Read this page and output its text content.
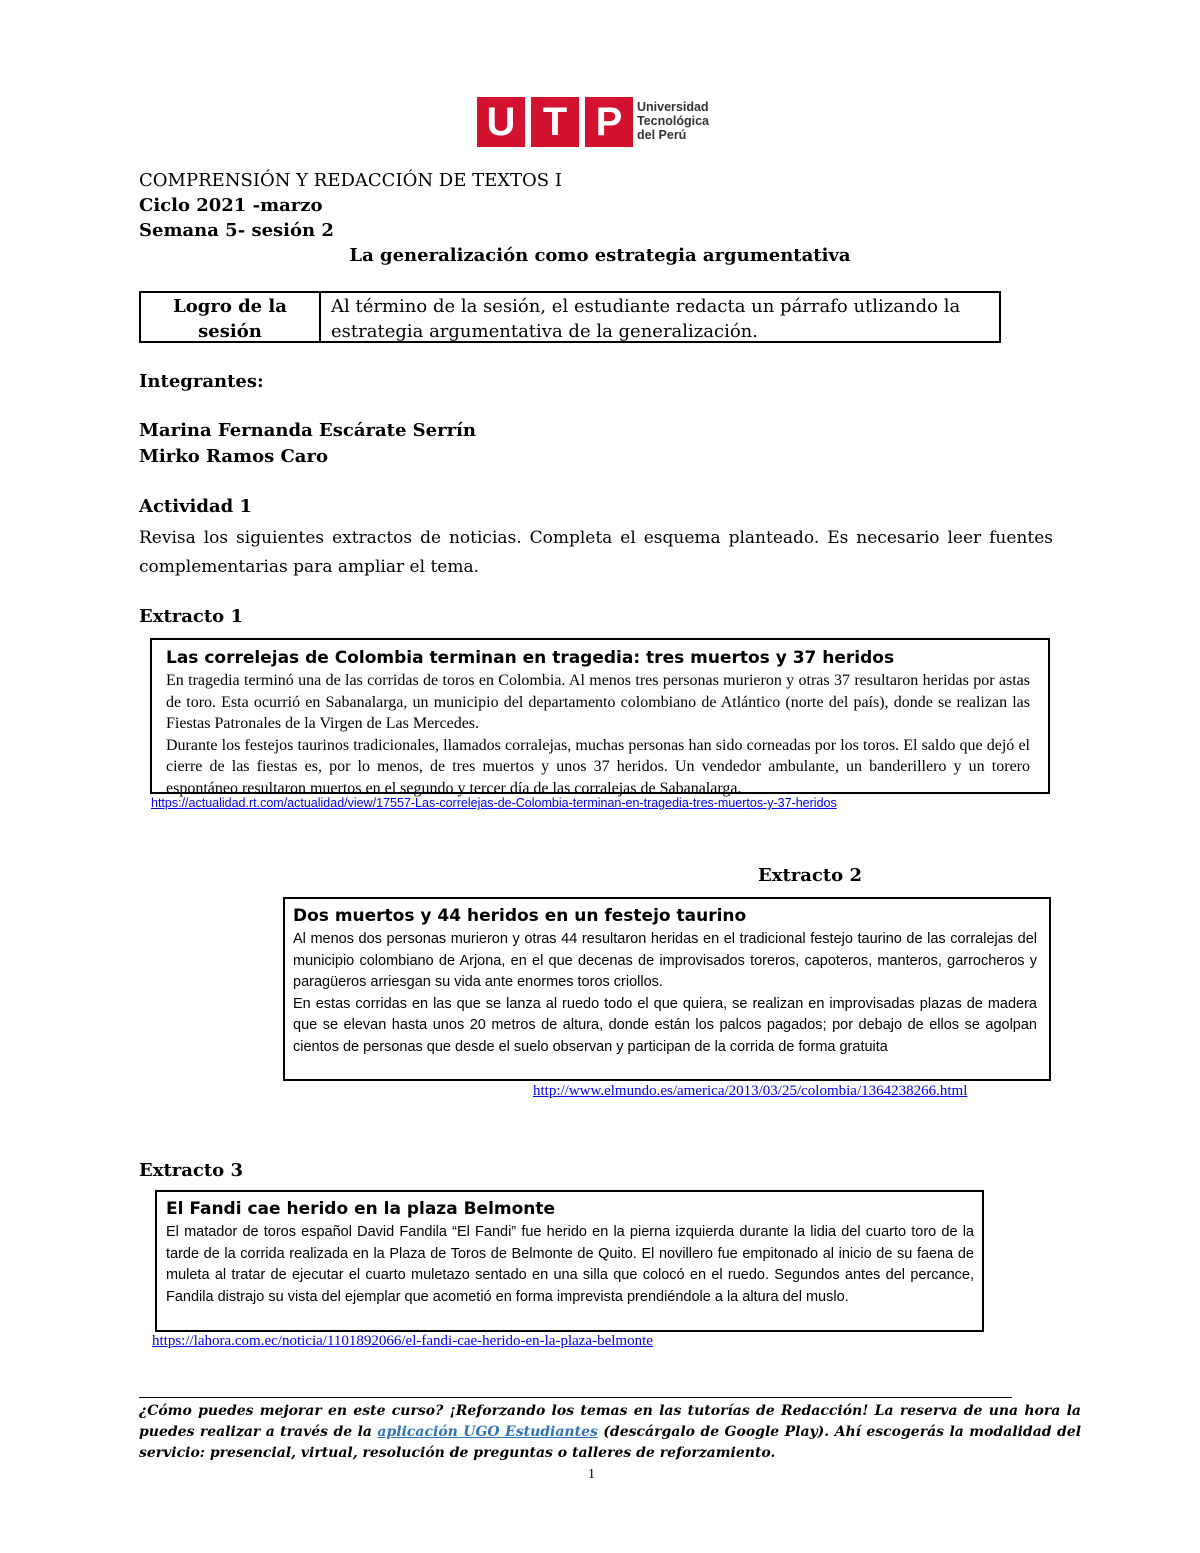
U T P	Universidad
Tecnológica
del Perú
COMPRENSIÓN Y REDACCIÓN DE TEXTOS I
Ciclo 2021 -marzo
Semana 5- sesión 2
La generalización como estrategia argumentativa
Logro de la sesión
Al término de la sesión, el estudiante redacta un párrafo utlizando la estrategia argumentativa de la generalización.
Integrantes:
Marina Fernanda Escárate Serrín
Mirko Ramos Caro
Actividad 1
Revisa los siguientes extractos de noticias. Completa el esquema planteado. Es necesario leer fuentes complementarias para ampliar el tema.
Extracto 1
Las correlejas de Colombia terminan en tragedia: tres muertos y 37 heridos
En tragedia terminó una de las corridas de toros en Colombia. Al menos tres personas murieron y otras 37 resultaron heridas por astas de toro. Esta ocurrió en Sabanalarga, un municipio del departamento colombiano de Atlántico (norte del país), donde se realizan las Fiestas Patronales de la Virgen de Las Mercedes.
Durante los festejos taurinos tradicionales, llamados corralejas, muchas personas han sido corneadas por los toros. El saldo que dejó el cierre de las fiestas es, por lo menos, de tres muertos y unos 37 heridos. Un vendedor ambulante, un banderillero y un torero espontáneo resultaron muertos en el segundo y tercer día de las corralejas de Sabanalarga.
https://actualidad.rt.com/actualidad/view/17557-Las-correlejas-de-Colombia-terminan-en-tragedia-tres-muertos-y-37-heridos
Extracto 2
Dos muertos y 44 heridos en un festejo taurino
Al menos dos personas murieron y otras 44 resultaron heridas en el tradicional festejo taurino de las corralejas del municipio colombiano de Arjona, en el que decenas de improvisados toreros, capoteros, manteros, garrocheros y paragüeros arriesgan su vida ante enormes toros criollos.
En estas corridas en las que se lanza al ruedo todo el que quiera, se realizan en improvisadas plazas de madera que se elevan hasta unos 20 metros de altura, donde están los palcos pagados; por debajo de ellos se agolpan cientos de personas que desde el suelo observan y participan de la corrida de forma gratuita
http://www.elmundo.es/america/2013/03/25/colombia/1364238266.html
Extracto 3
El Fandi cae herido en la plaza Belmonte
El matador de toros español David Fandila “El Fandi” fue herido en la pierna izquierda durante la lidia del cuarto toro de la tarde de la corrida realizada en la Plaza de Toros de Belmonte de Quito. El novillero fue empitonado al inicio de su faena de muleta al tratar de ejecutar el cuarto muletazo sentado en una silla que colocó en el ruedo. Segundos antes del percance, Fandila distrajo su vista del ejemplar que acometió en forma imprevista prendiéndole a la altura del muslo.
https://lahora.com.ec/noticia/1101892066/el-fandi-cae-herido-en-la-plaza-belmonte
¿Cómo puedes mejorar en este curso? ¡Reforzando los temas en las tutorías de Redacción! La reserva de una hora la puedes realizar a través de la aplicación UGO Estudiantes (descárgalo de Google Play). Ahí escogerás la modalidad del servicio: presencial, virtual, resolución de preguntas o talleres de reforzamiento.
1
